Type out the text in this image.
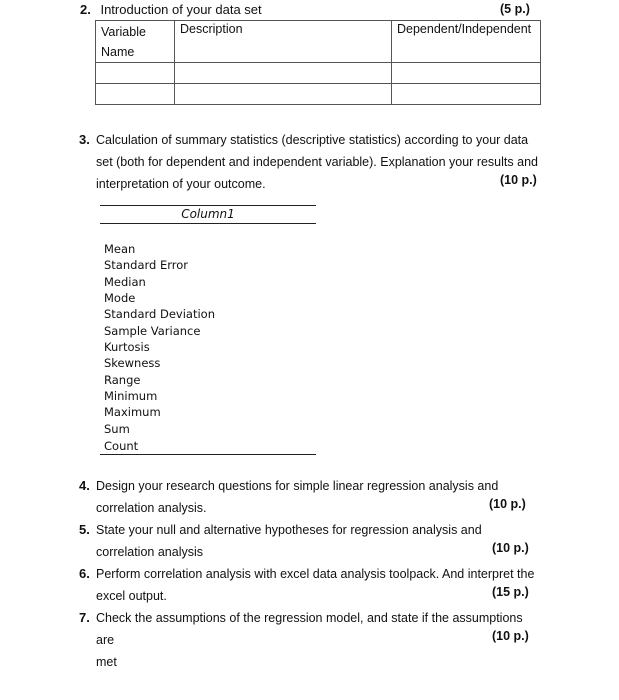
2. Introduction of your data set	(5 p.)
Variable Name	Description	Dependent/Independent

3. Calculation of summary statistics (descriptive statistics) according to your data
set (both for dependent and independent variable). Explanation your results and
interpretation of your outcome.	(10 p.)
Column1
Mean
Standard Error
Median
Mode
Standard Deviation
Sample Variance
Kurtosis
Skewness
Range
Minimum
Maximum
Sum
Count
4. Design your research questions for simple linear regression analysis and
correlation analysis.	(10 p.)
5. State your null and alternative hypotheses for regression analysis and
correlation analysis	(10 p.)
6. Perform correlation analysis with excel data analysis toolpack. And interpret the
excel output.	(15 p.)
7. Check the assumptions of the regression model, and state if the assumptions are
met
(10 p.)
